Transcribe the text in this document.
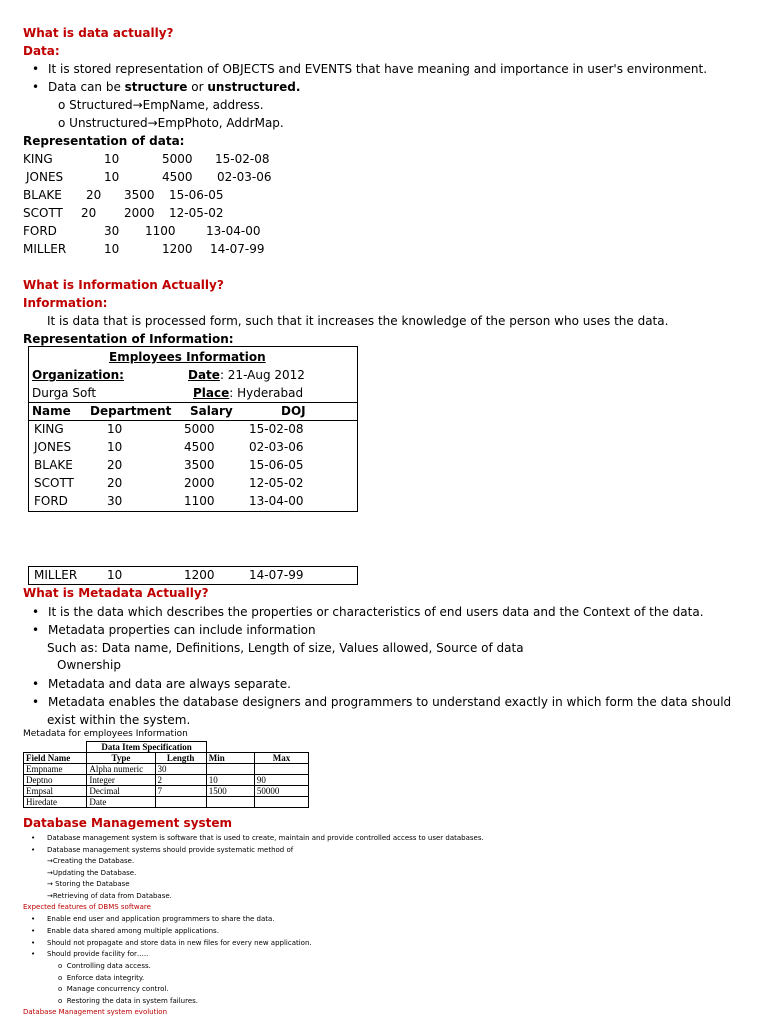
What is data actually?
Data:
• It is stored representation of OBJECTS and EVENTS that have meaning and importance in user's environment.
• Data can be structure or unstructured.
o Structured→EmpName, address.
o Unstructured→EmpPhoto, AddrMap.
Representation of data:
KING	10	5000 15-02-08
JONES	10	4500 02-03-06
BLAKE 20 3500 15-06-05
SCOTT 20 2000 12-05-02
FORD	30 1100	13-04-00
MILLER	10	1200 14-07-99
What is Information Actually?
Information:
It is data that is processed form, such that it increases the knowledge of the person who uses the data.
Representation of Information:
Employees Information
Organization:	Date: 21-Aug 2012
Durga Soft	Place: Hyderabad
Name Department Salary	DOJ
KING	10	5000	15-02-08
JONES	10	4500	02-03-06
BLAKE	20	3500	15-06-05
SCOTT	20	2000	12-05-02
FORD	30	1100	13-04-00
MILLER 10	1200	14-07-99
What is Metadata Actually?
• It is the data which describes the properties or characteristics of end users data and the Context of the data.
• Metadata properties can include information
Such as: Data name, Definitions, Length of size, Values allowed, Source of data
Ownership
• Metadata and data are always separate.
• Metadata enables the database designers and programmers to understand exactly in which form the data should
exist within the system.
Metadata for employees Information
	Data Item Specification			
Field Name	Type	Length	Min	Max
Empname	Alpha numeric	30		
Deptno	Integer	2	10	90
Empsal	Decimal	7	1500	50000
Hiredate	Date			
Database Management system
• Database management system is software that is used to create, maintain and provide controlled access to user databases.
• Database management systems should provide systematic method of
→Creating the Database.
→Updating the Database.
→ Storing the Database
→Retrieving of data from Database.
Expected features of DBMS software
• Enable end user and application programmers to share the data.
• Enable data shared among multiple applications.
• Should not propagate and store data in new files for every new application.
• Should provide facility for…..
o  Controlling data access.
o  Enforce data integrity.
o  Manage concurrency control.
o  Restoring the data in system failures.
Database Management system evolution
